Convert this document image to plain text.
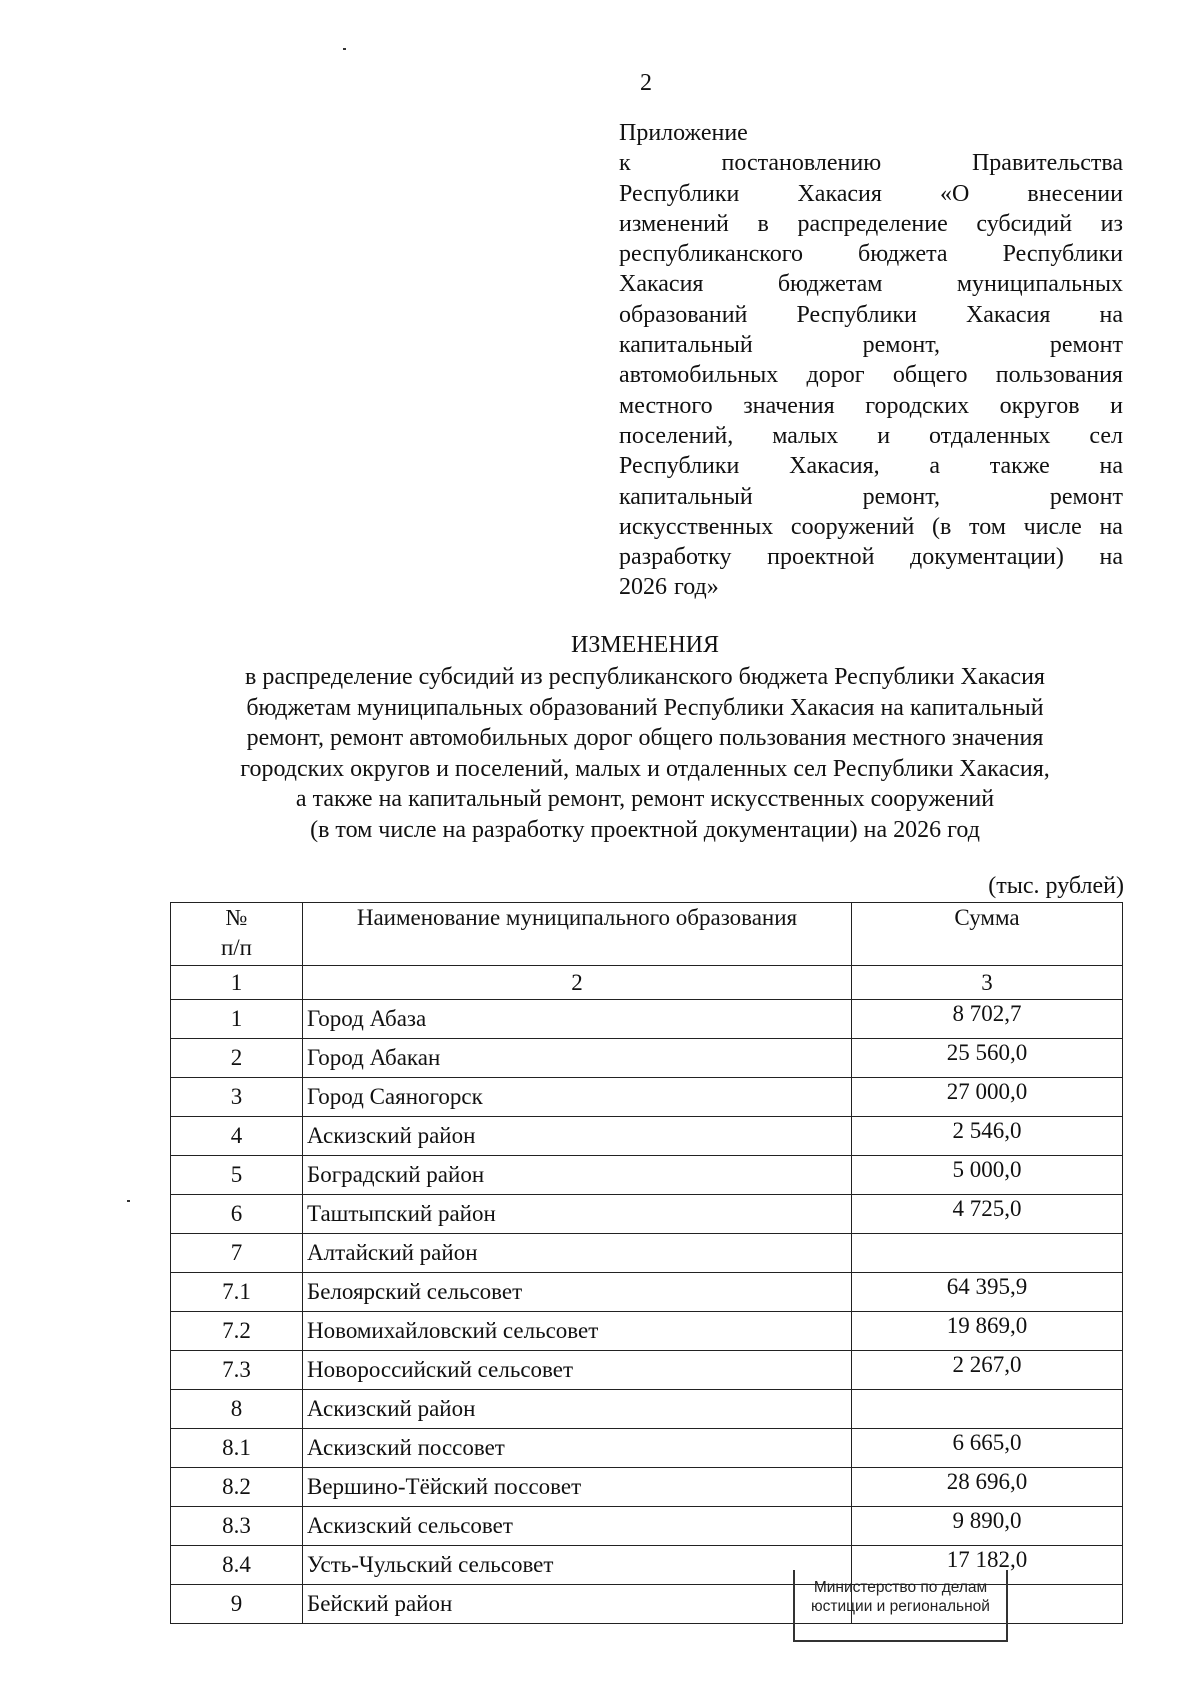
2
Приложение
к	постановлению	Правительства
Республики Хакасия «О внесении
изменений в распределение субсидий из
республиканского бюджета Республики
Хакасия	бюджетам	муниципальных
образований Республики Хакасия на
капитальный	ремонт,	ремонт
автомобильных дорог общего пользования
местного значения городских округов и
поселений, малых и отдаленных сел
Республики Хакасия, а также на
капитальный	ремонт,	ремонт
искусственных сооружений (в том числе на
разработку проектной документации) на
2026 год»
ИЗМЕНЕНИЯ
в распределение субсидий из республиканского бюджета Республики Хакасия
бюджетам муниципальных образований Республики Хакасия на капитальный
ремонт, ремонт автомобильных дорог общего пользования местного значения
городских округов и поселений, малых и отдаленных сел Республики Хакасия,
а также на капитальный ремонт, ремонт искусственных сооружений
(в том числе на разработку проектной документации) на 2026 год
(тыс. рублей)
№ п/п	Наименование муниципального образования	Сумма
1	2	3
1	Город Абаза	8 702,7
2	Город Абакан	25 560,0
3	Город Саяногорск	27 000,0
4	Аскизский район	2 546,0
5	Боградский район	5 000,0
6	Таштыпский район	4 725,0
7	Алтайский район	
7.1	Белоярский сельсовет	64 395,9
7.2	Новомихайловский сельсовет	19 869,0
7.3	Новороссийский сельсовет	2 267,0
8	Аскизский район	
8.1	Аскизский поссовет	6 665,0
8.2	Вершино-Тёйский поссовет	28 696,0
8.3	Аскизский сельсовет	9 890,0
8.4	Усть-Чульский сельсовет	17 182,0
9	Бейский район	
Министерство по делам
юстиции и региональной
